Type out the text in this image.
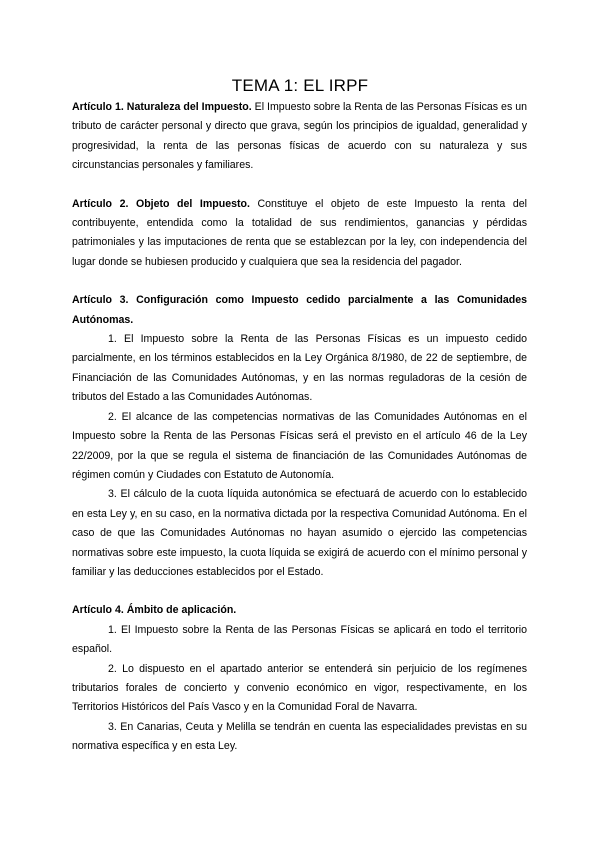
TEMA 1: EL IRPF

Artículo 1. Naturaleza del Impuesto. El Impuesto sobre la Renta de las Personas Físicas es un tributo de carácter personal y directo que grava, según los principios de igualdad, generalidad y progresividad, la renta de las personas físicas de acuerdo con su naturaleza y sus circunstancias personales y familiares.

Artículo 2. Objeto del Impuesto. Constituye el objeto de este Impuesto la renta del contribuyente, entendida como la totalidad de sus rendimientos, ganancias y pérdidas patrimoniales y las imputaciones de renta que se establezcan por la ley, con independencia del lugar donde se hubiesen producido y cualquiera que sea la residencia del pagador.

Artículo 3. Configuración como Impuesto cedido parcialmente a las Comunidades Autónomas.

1. El Impuesto sobre la Renta de las Personas Físicas es un impuesto cedido parcialmente, en los términos establecidos en la Ley Orgánica 8/1980, de 22 de septiembre, de Financiación de las Comunidades Autónomas, y en las normas reguladoras de la cesión de tributos del Estado a las Comunidades Autónomas.

2. El alcance de las competencias normativas de las Comunidades Autónomas en el Impuesto sobre la Renta de las Personas Físicas será el previsto en el artículo 46 de la Ley 22/2009, por la que se regula el sistema de financiación de las Comunidades Autónomas de régimen común y Ciudades con Estatuto de Autonomía.

3. El cálculo de la cuota líquida autonómica se efectuará de acuerdo con lo establecido en esta Ley y, en su caso, en la normativa dictada por la respectiva Comunidad Autónoma. En el caso de que las Comunidades Autónomas no hayan asumido o ejercido las competencias normativas sobre este impuesto, la cuota líquida se exigirá de acuerdo con el mínimo personal y familiar y las deducciones establecidos por el Estado.

Artículo 4. Ámbito de aplicación.

1. El Impuesto sobre la Renta de las Personas Físicas se aplicará en todo el territorio español.

2. Lo dispuesto en el apartado anterior se entenderá sin perjuicio de los regímenes tributarios forales de concierto y convenio económico en vigor, respectivamente, en los Territorios Históricos del País Vasco y en la Comunidad Foral de Navarra.

3. En Canarias, Ceuta y Melilla se tendrán en cuenta las especialidades previstas en su normativa específica y en esta Ley.
